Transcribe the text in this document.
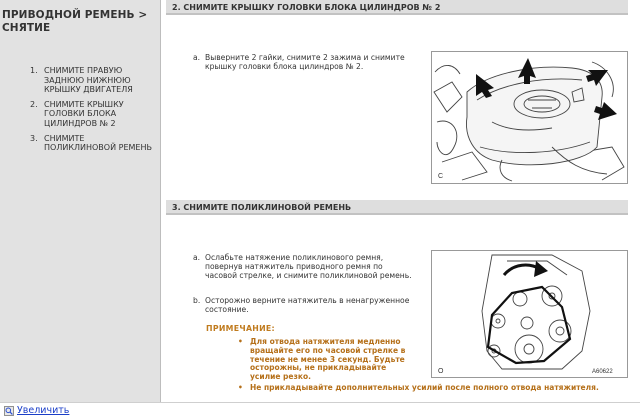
ПРИВОДНОЙ РЕМЕНЬ > СНЯТИЕ
1. СНИМИТЕ ПРАВУЮ ЗАДНЮЮ НИЖНЮЮ КРЫШКУ ДВИГАТЕЛЯ
2. СНИМИТЕ КРЫШКУ ГОЛОВКИ БЛОКА ЦИЛИНДРОВ № 2
3. СНИМИТЕ ПОЛИКЛИНОВОЙ РЕМЕНЬ
2. СНИМИТЕ КРЫШКУ ГОЛОВКИ БЛОКА ЦИЛИНДРОВ № 2
a. Выверните 2 гайки, снимите 2 зажима и снимите крышку головки блока цилиндров № 2.
C
3. СНИМИТЕ ПОЛИКЛИНОВОЙ РЕМЕНЬ
a. Ослабьте натяжение поликлинового ремня, повернув натяжитель приводного ремня по часовой стрелке, и снимите поликлиновой ремень.
b. Осторожно верните натяжитель в ненагруженное состояние.
ПРИМЕЧАНИЕ:
• Для отвода натяжителя медленно вращайте его по часовой стрелке в течение не менее 3 секунд. Будьте осторожны, не прикладывайте усилие резко.
• Не прикладывайте дополнительных усилий после полного отвода натяжителя.
O	A60622
Увеличить
